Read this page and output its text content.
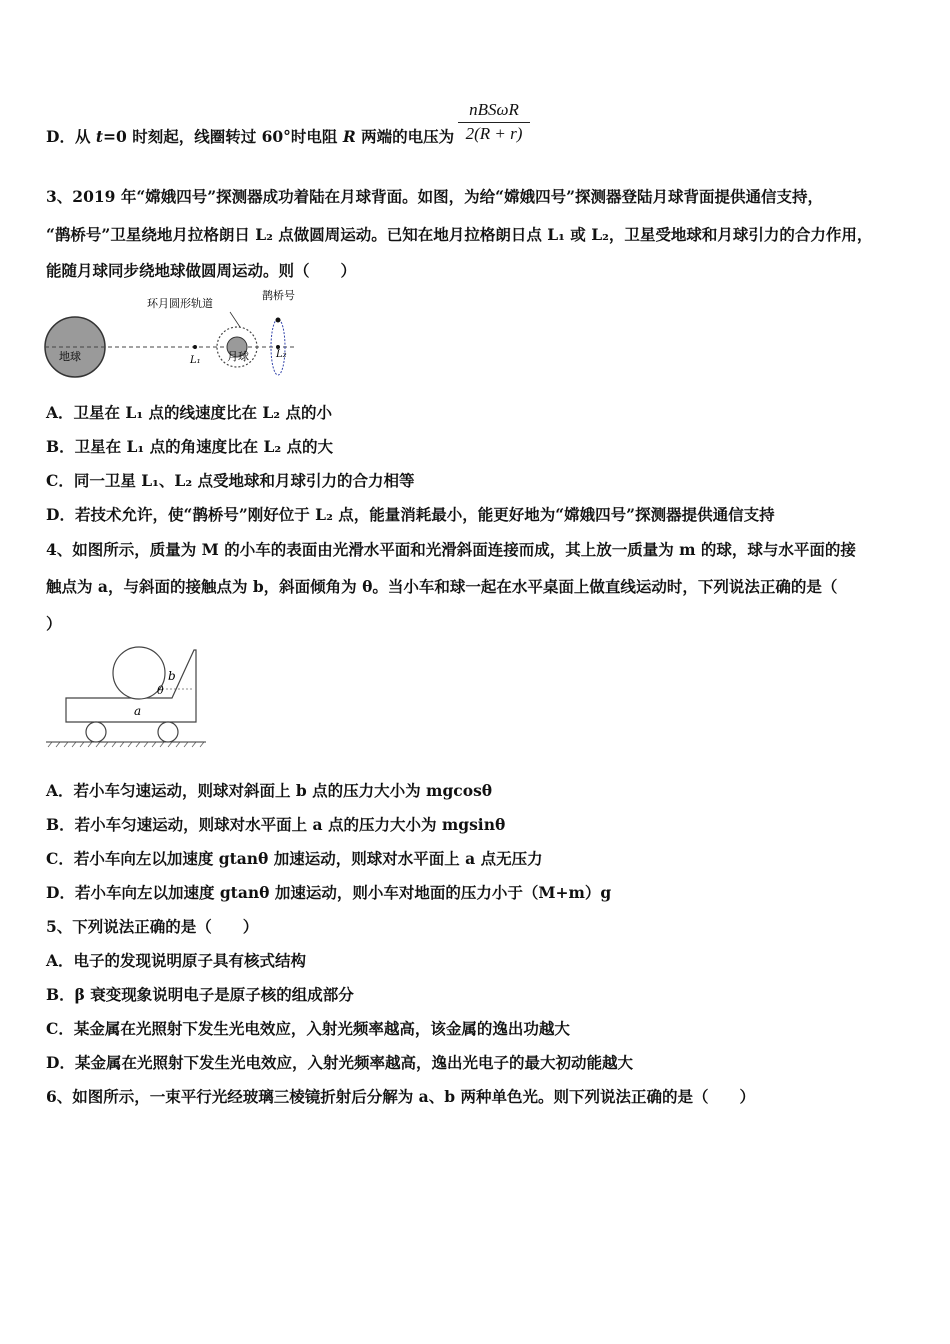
D．从 t=0 时刻起，线圈转过 60°时电阻 R 两端的电压为
nBSωR
2(R + r)
3、2019 年“嫦娥四号”探测器成功着陆在月球背面。如图，为给“嫦娥四号”探测器登陆月球背面提供通信支持，
“鹊桥号”卫星绕地月拉格朗日 L₂ 点做圆周运动。已知在地月拉格朗日点 L₁ 或 L₂，卫星受地球和月球引力的合力作用，
能随月球同步绕地球做圆周运动。则（　　）
环月圆形轨道
鹊桥号
地球	月球
L₁
L₂
A．卫星在 L₁ 点的线速度比在 L₂ 点的小
B．卫星在 L₁ 点的角速度比在 L₂ 点的大
C．同一卫星 L₁、L₂ 点受地球和月球引力的合力相等
D．若技术允许，使“鹊桥号”刚好位于 L₂ 点，能量消耗最小，能更好地为“嫦娥四号”探测器提供通信支持
4、如图所示，质量为 M 的小车的表面由光滑水平面和光滑斜面连接而成，其上放一质量为 m 的球，球与水平面的接
触点为 a，与斜面的接触点为 b，斜面倾角为 θ。当小车和球一起在水平桌面上做直线运动时，下列说法正确的是（
）
b
θ
a
A．若小车匀速运动，则球对斜面上 b 点的压力大小为 mgcosθ
B．若小车匀速运动，则球对水平面上 a 点的压力大小为 mgsinθ
C．若小车向左以加速度 gtanθ 加速运动，则球对水平面上 a 点无压力
D．若小车向左以加速度 gtanθ 加速运动，则小车对地面的压力小于（M+m）g
5、下列说法正确的是（　　）
A．电子的发现说明原子具有核式结构
B．β 衰变现象说明电子是原子核的组成部分
C．某金属在光照射下发生光电效应，入射光频率越高，该金属的逸出功越大
D．某金属在光照射下发生光电效应，入射光频率越高，逸出光电子的最大初动能越大
6、如图所示，一束平行光经玻璃三棱镜折射后分解为 a、b 两种单色光。则下列说法正确的是（　　）
